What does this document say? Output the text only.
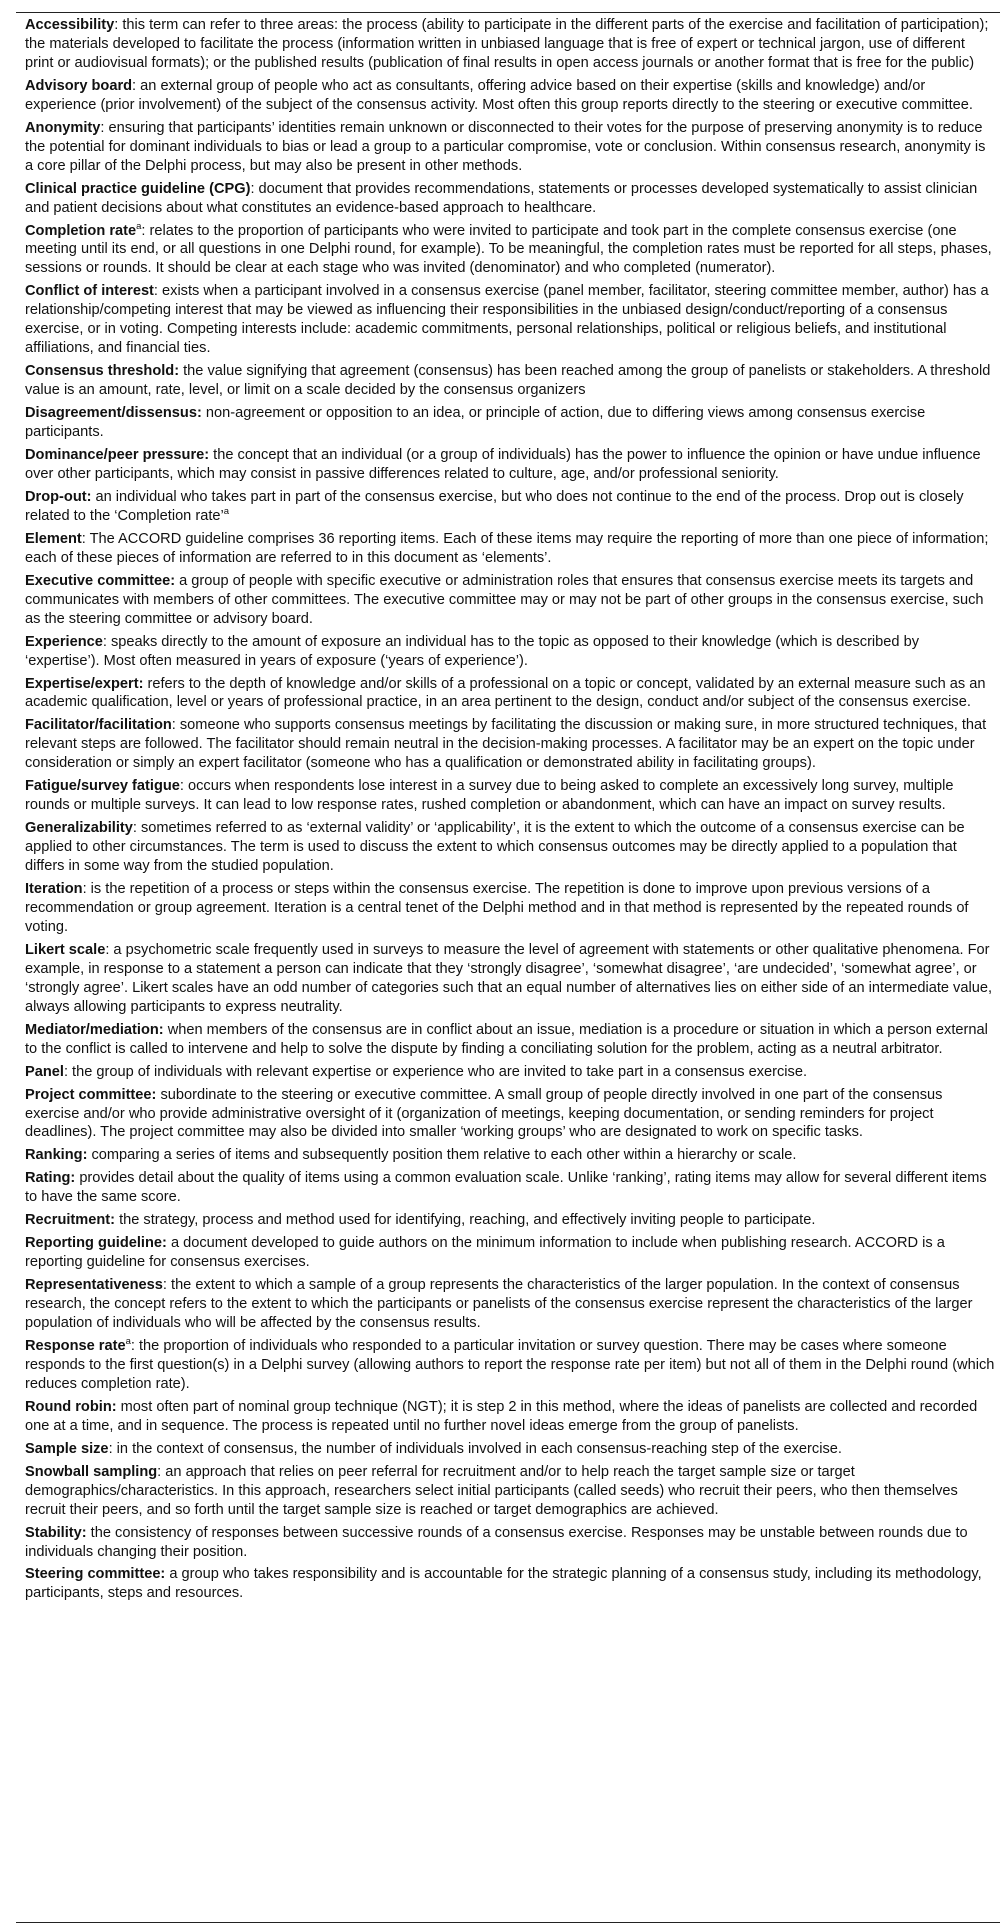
Accessibility: this term can refer to three areas: the process (ability to participate in the different parts of the exercise and facilitation of participation); the materials developed to facilitate the process (information written in unbiased language that is free of expert or technical jargon, use of different print or audiovisual formats); or the published results (publication of final results in open access journals or another format that is free for the public)

Advisory board: an external group of people who act as consultants, offering advice based on their expertise (skills and knowledge) and/or experience (prior involvement) of the subject of the consensus activity. Most often this group reports directly to the steering or executive committee.

Anonymity: ensuring that participants’ identities remain unknown or disconnected to their votes for the purpose of preserving anonymity is to reduce the potential for dominant individuals to bias or lead a group to a particular compromise, vote or conclusion. Within consensus research, anonymity is a core pillar of the Delphi process, but may also be present in other methods.

Clinical practice guideline (CPG): document that provides recommendations, statements or processes developed systematically to assist clinician and patient decisions about what constitutes an evidence-based approach to healthcare.

Completion rate$^a$: relates to the proportion of participants who were invited to participate and took part in the complete consensus exercise (one meeting until its end, or all questions in one Delphi round, for example). To be meaningful, the completion rates must be reported for all steps, phases, sessions or rounds. It should be clear at each stage who was invited (denominator) and who completed (numerator).

Conflict of interest: exists when a participant involved in a consensus exercise (panel member, facilitator, steering committee member, author) has a relationship/competing interest that may be viewed as influencing their responsibilities in the unbiased design/conduct/reporting of a consensus exercise, or in voting. Competing interests include: academic commitments, personal relationships, political or religious beliefs, and institutional affiliations, and financial ties.

Consensus threshold: the value signifying that agreement (consensus) has been reached among the group of panelists or stakeholders. A threshold value is an amount, rate, level, or limit on a scale decided by the consensus organizers

Disagreement/dissensus: non-agreement or opposition to an idea, or principle of action, due to differing views among consensus exercise participants.

Dominance/peer pressure: the concept that an individual (or a group of individuals) has the power to influence the opinion or have undue influence over other participants, which may consist in passive differences related to culture, age, and/or professional seniority.

Drop-out: an individual who takes part in part of the consensus exercise, but who does not continue to the end of the process. Drop out is closely related to the ‘Completion rate’$^a$

Element: The ACCORD guideline comprises 36 reporting items. Each of these items may require the reporting of more than one piece of information; each of these pieces of information are referred to in this document as ‘elements’.

Executive committee: a group of people with specific executive or administration roles that ensures that consensus exercise meets its targets and communicates with members of other committees. The executive committee may or may not be part of other groups in the consensus exercise, such as the steering committee or advisory board.

Experience: speaks directly to the amount of exposure an individual has to the topic as opposed to their knowledge (which is described by ‘expertise’). Most often measured in years of exposure (‘years of experience’).

Expertise/expert: refers to the depth of knowledge and/or skills of a professional on a topic or concept, validated by an external measure such as an academic qualification, level or years of professional practice, in an area pertinent to the design, conduct and/or subject of the consensus exercise.

Facilitator/facilitation: someone who supports consensus meetings by facilitating the discussion or making sure, in more structured techniques, that relevant steps are followed. The facilitator should remain neutral in the decision-making processes. A facilitator may be an expert on the topic under consideration or simply an expert facilitator (someone who has a qualification or demonstrated ability in facilitating groups).

Fatigue/survey fatigue: occurs when respondents lose interest in a survey due to being asked to complete an excessively long survey, multiple rounds or multiple surveys. It can lead to low response rates, rushed completion or abandonment, which can have an impact on survey results.

Generalizability: sometimes referred to as ‘external validity’ or ‘applicability’, it is the extent to which the outcome of a consensus exercise can be applied to other circumstances. The term is used to discuss the extent to which consensus outcomes may be directly applied to a population that differs in some way from the studied population.

Iteration: is the repetition of a process or steps within the consensus exercise. The repetition is done to improve upon previous versions of a recommendation or group agreement. Iteration is a central tenet of the Delphi method and in that method is represented by the repeated rounds of voting.

Likert scale: a psychometric scale frequently used in surveys to measure the level of agreement with statements or other qualitative phenomena. For example, in response to a statement a person can indicate that they ‘strongly disagree’, ‘somewhat disagree’, ‘are undecided’, ‘somewhat agree’, or ‘strongly agree’. Likert scales have an odd number of categories such that an equal number of alternatives lies on either side of an intermediate value, always allowing participants to express neutrality.

Mediator/mediation: when members of the consensus are in conflict about an issue, mediation is a procedure or situation in which a person external to the conflict is called to intervene and help to solve the dispute by finding a conciliating solution for the problem, acting as a neutral arbitrator.

Panel: the group of individuals with relevant expertise or experience who are invited to take part in a consensus exercise.

Project committee: subordinate to the steering or executive committee. A small group of people directly involved in one part of the consensus exercise and/or who provide administrative oversight of it (organization of meetings, keeping documentation, or sending reminders for project deadlines). The project committee may also be divided into smaller ‘working groups’ who are designated to work on specific tasks.

Ranking: comparing a series of items and subsequently position them relative to each other within a hierarchy or scale.

Rating: provides detail about the quality of items using a common evaluation scale. Unlike ‘ranking’, rating items may allow for several different items to have the same score.

Recruitment: the strategy, process and method used for identifying, reaching, and effectively inviting people to participate.

Reporting guideline: a document developed to guide authors on the minimum information to include when publishing research. ACCORD is a reporting guideline for consensus exercises.

Representativeness: the extent to which a sample of a group represents the characteristics of the larger population. In the context of consensus research, the concept refers to the extent to which the participants or panelists of the consensus exercise represent the characteristics of the larger population of individuals who will be affected by the consensus results.

Response rate$^a$: the proportion of individuals who responded to a particular invitation or survey question. There may be cases where someone responds to the first question(s) in a Delphi survey (allowing authors to report the response rate per item) but not all of them in the Delphi round (which reduces completion rate).

Round robin: most often part of nominal group technique (NGT); it is step 2 in this method, where the ideas of panelists are collected and recorded one at a time, and in sequence. The process is repeated until no further novel ideas emerge from the group of panelists.

Sample size: in the context of consensus, the number of individuals involved in each consensus-reaching step of the exercise.

Snowball sampling: an approach that relies on peer referral for recruitment and/or to help reach the target sample size or target demographics/characteristics. In this approach, researchers select initial participants (called seeds) who recruit their peers, who then themselves recruit their peers, and so forth until the target sample size is reached or target demographics are achieved.

Stability: the consistency of responses between successive rounds of a consensus exercise. Responses may be unstable between rounds due to individuals changing their position.

Steering committee: a group who takes responsibility and is accountable for the strategic planning of a consensus study, including its methodology, participants, steps and resources.
